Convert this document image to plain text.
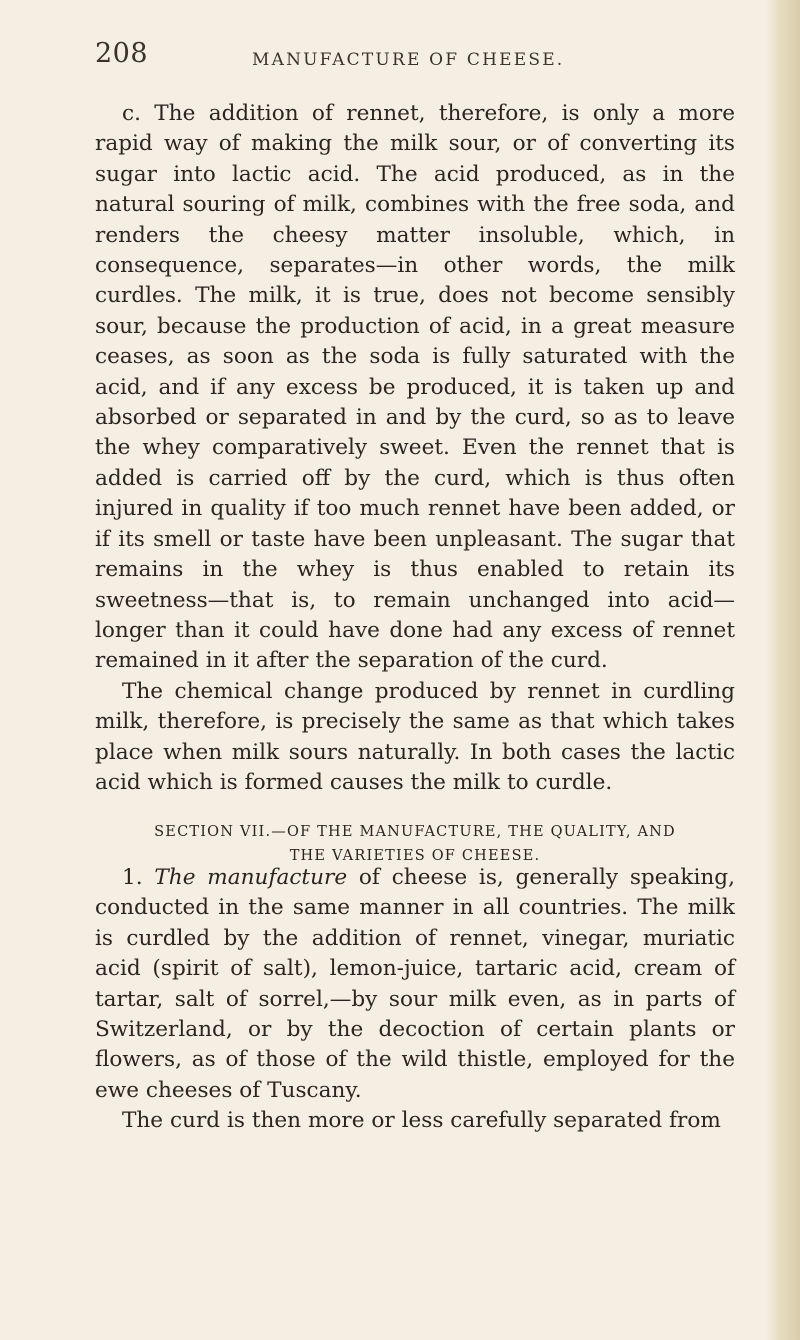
208	MANUFACTURE OF CHEESE.

c. The addition of rennet, therefore, is only a more rapid way of making the milk sour, or of converting its sugar into lactic acid. The acid produced, as in the natural souring of milk, combines with the free soda, and renders the cheesy matter insoluble, which, in consequence, separates—in other words, the milk curdles. The milk, it is true, does not become sensibly sour, because the production of acid, in a great measure ceases, as soon as the soda is fully saturated with the acid, and if any excess be produced, it is taken up and absorbed or separated in and by the curd, so as to leave the whey comparatively sweet. Even the rennet that is added is carried off by the curd, which is thus often injured in quality if too much rennet have been added, or if its smell or taste have been unpleasant. The sugar that remains in the whey is thus enabled to retain its sweetness—that is, to remain unchanged into acid—longer than it could have done had any excess of rennet remained in it after the separation of the curd.

The chemical change produced by rennet in curdling milk, therefore, is precisely the same as that which takes place when milk sours naturally. In both cases the lactic acid which is formed causes the milk to curdle.

SECTION VII.—OF THE MANUFACTURE, THE QUALITY, AND
THE VARIETIES OF CHEESE.

1. The manufacture of cheese is, generally speaking, conducted in the same manner in all countries. The milk is curdled by the addition of rennet, vinegar, muriatic acid (spirit of salt), lemon-juice, tartaric acid, cream of tartar, salt of sorrel,—by sour milk even, as in parts of Switzerland, or by the decoction of certain plants or flowers, as of those of the wild thistle, employed for the ewe cheeses of Tuscany.

The curd is then more or less carefully separated from
